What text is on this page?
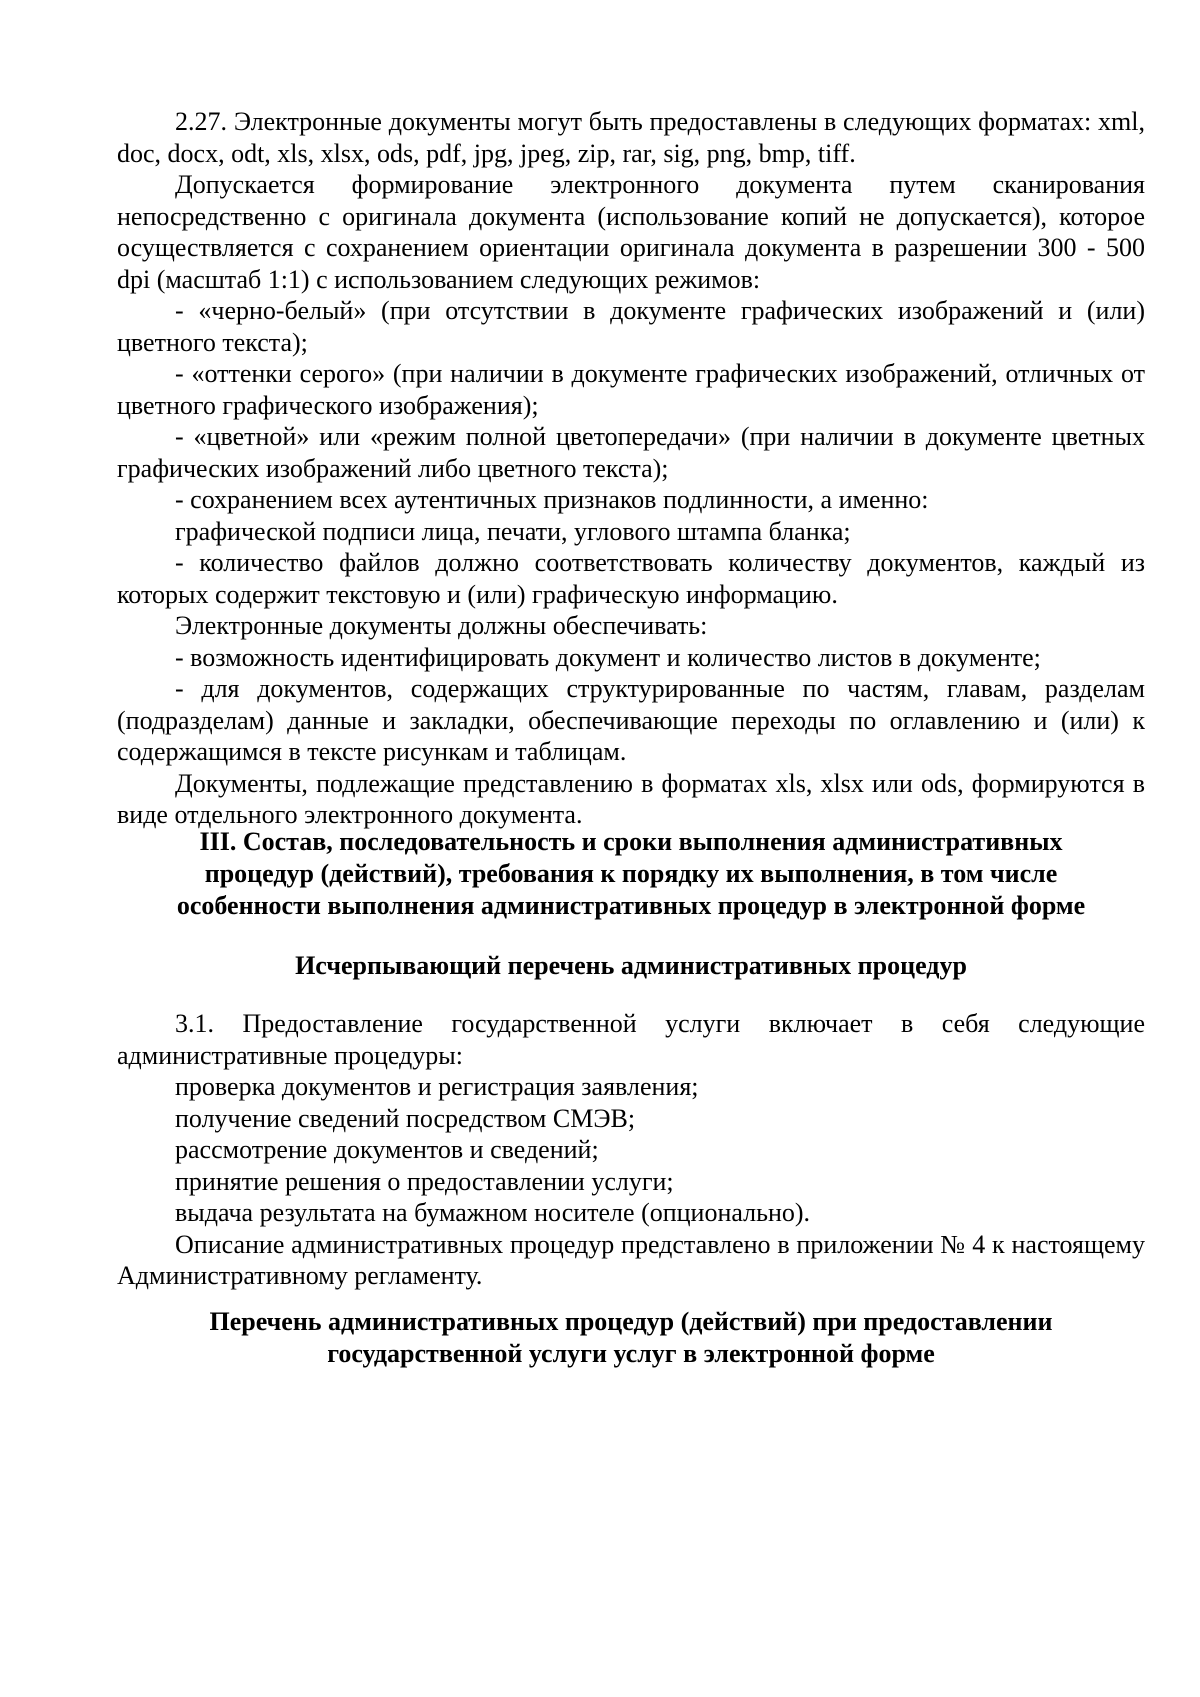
2.27. Электронные документы могут быть предоставлены в следующих форматах: xml, doc, docx, odt, xls, xlsx, ods, pdf, jpg, jpeg, zip, rar, sig, png, bmp, tiff.

Допускается формирование электронного документа путем сканирования непосредственно с оригинала документа (использование копий не допускается), которое осуществляется с сохранением ориентации оригинала документа в разрешении 300 - 500 dpi (масштаб 1:1) с использованием следующих режимов:

- «черно-белый» (при отсутствии в документе графических изображений и (или) цветного текста);

- «оттенки серого» (при наличии в документе графических изображений, отличных от цветного графического изображения);

- «цветной» или «режим полной цветопередачи» (при наличии в документе цветных графических изображений либо цветного текста);

- сохранением всех аутентичных признаков подлинности, а именно:

графической подписи лица, печати, углового штампа бланка;

- количество файлов должно соответствовать количеству документов, каждый из которых содержит текстовую и (или) графическую информацию.

Электронные документы должны обеспечивать:

- возможность идентифицировать документ и количество листов в документе;

- для документов, содержащих структурированные по частям, главам, разделам (подразделам) данные и закладки, обеспечивающие переходы по оглавлению и (или) к содержащимся в тексте рисункам и таблицам.

Документы, подлежащие представлению в форматах xls, xlsx или ods, формируются в виде отдельного электронного документа.

III. Состав, последовательность и сроки выполнения административных
процедур (действий), требования к порядку их выполнения, в том числе
особенности выполнения административных процедур в электронной форме
Исчерпывающий перечень административных процедур

3.1. Предоставление государственной услуги включает в себя следующие административные процедуры:

проверка документов и регистрация заявления;

получение сведений посредством СМЭВ;

рассмотрение документов и сведений;

принятие решения о предоставлении услуги;

выдача результата на бумажном носителе (опционально).

Описание административных процедур представлено в приложении № 4 к настоящему Административному регламенту.

Перечень административных процедур (действий) при предоставлении
государственной услуги услуг в электронной форме
